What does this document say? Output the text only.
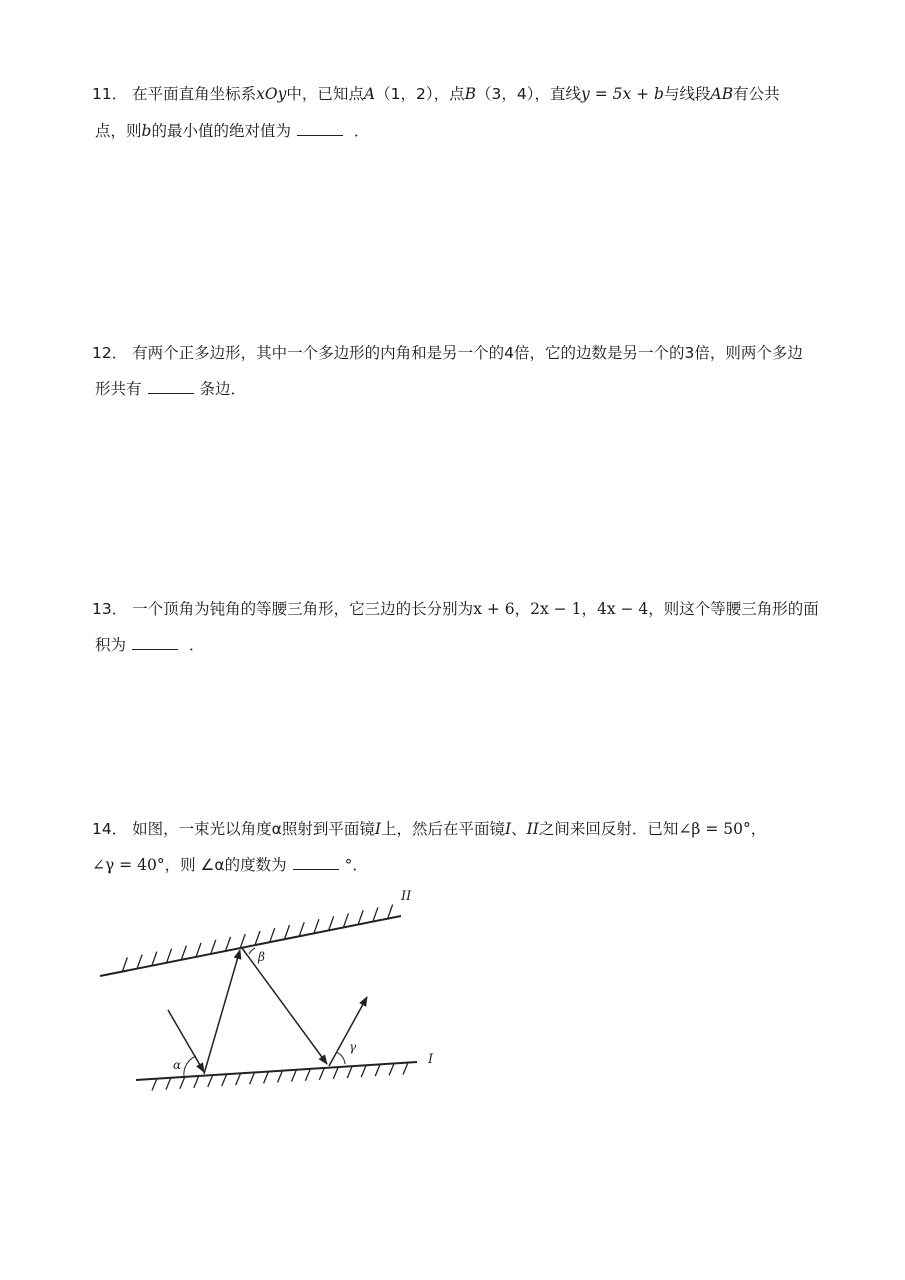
11． 在平面直角坐标系xOy中，已知点A（1，2），点B（3，4），直线y = 5x + b与线段AB有公共
点，则b的最小值的绝对值为	．
12． 有两个正多边形，其中一个多边形的内角和是另一个的4倍，它的边数是另一个的3倍，则两个多边
形共有	条边．
13． 一个顶角为钝角的等腰三角形，它三边的长分别为x + 6，2x − 1，4x − 4，则这个等腰三角形的面
积为	．
14． 如图，一束光以角度α照射到平面镜I上，然后在平面镜I、II之间来回反射．已知∠β = 50°，
∠γ = 40°，则 ∠α的度数为	°．
II
I
α
β
γ
